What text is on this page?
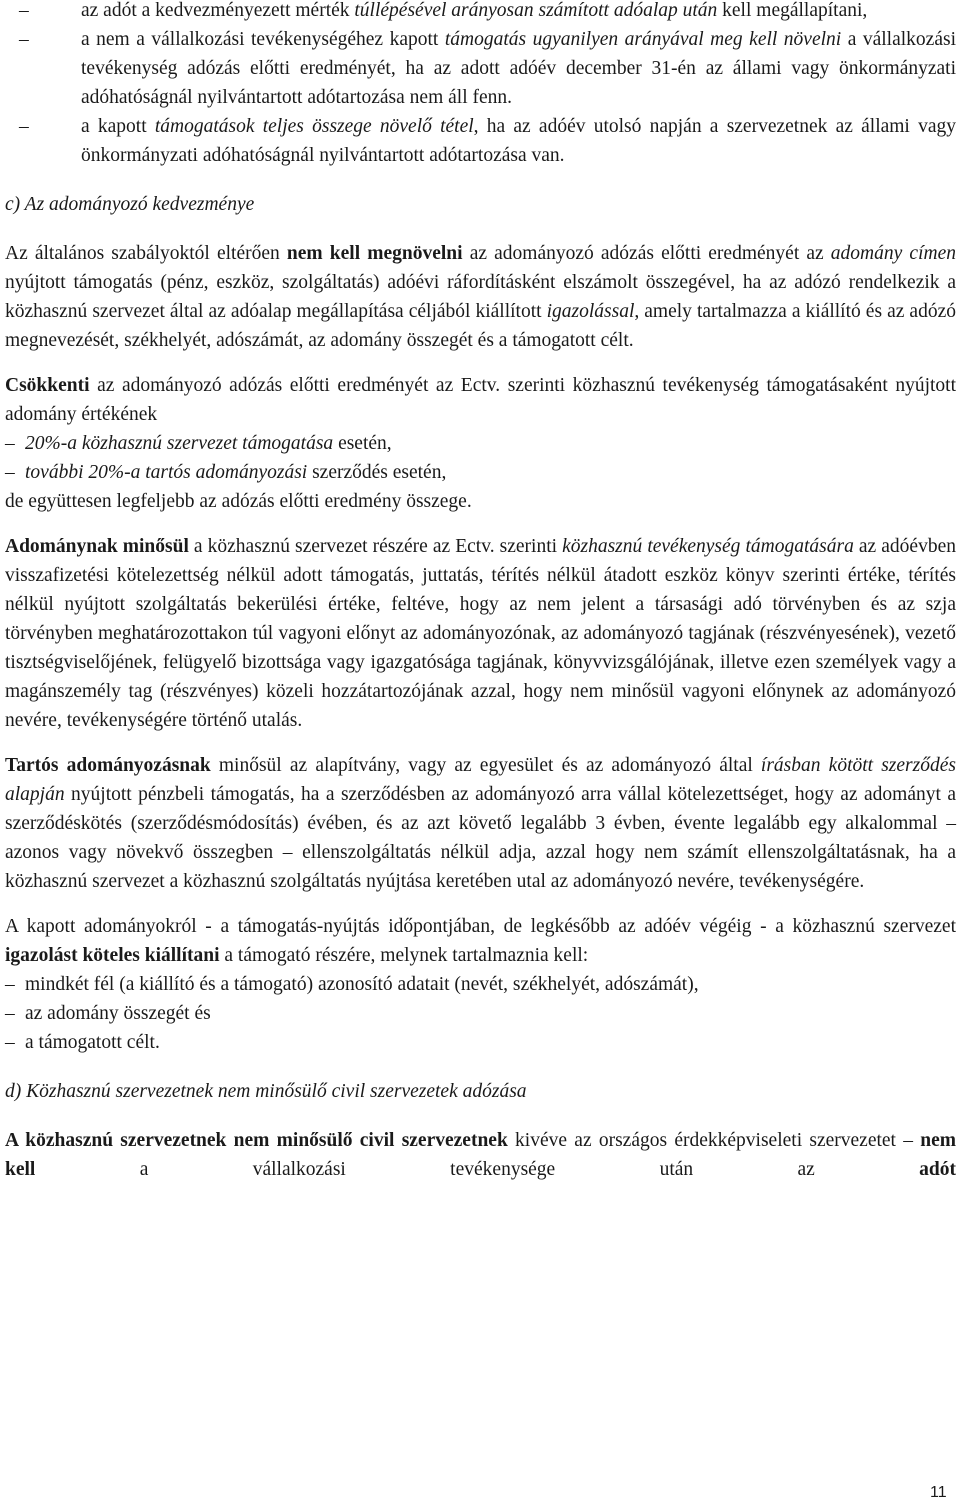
–	az adót a kedvezményezett mérték túllépésével arányosan számított adóalap után kell megállapítani,
–	a nem a vállalkozási tevékenységéhez kapott támogatás ugyanilyen arányával meg kell növelni a vállalkozási tevékenység adózás előtti eredményét, ha az adott adóév december 31-én az állami vagy önkormányzati adóhatóságnál nyilvántartott adótartozása nem áll fenn.
–	a kapott támogatások teljes összege növelő tétel, ha az adóév utolsó napján a szervezetnek az állami vagy önkormányzati adóhatóságnál nyilvántartott adótartozása van.

c) Az adományozó kedvezménye

Az általános szabályoktól eltérően nem kell megnövelni az adományozó adózás előtti eredményét az adomány címen nyújtott támogatás (pénz, eszköz, szolgáltatás) adóévi ráfordításként elszámolt összegével, ha az adózó rendelkezik a közhasznú szervezet által az adóalap megállapítása céljából kiállított igazolással, amely tartalmazza a kiállító és az adózó megnevezését, székhelyét, adószámát, az adomány összegét és a támogatott célt.

Csökkenti az adományozó adózás előtti eredményét az Ectv. szerinti közhasznú tevékenység támogatásaként nyújtott adomány értékének

– 20%-a közhasznú szervezet támogatása esetén,
– további 20%-a tartós adományozási szerződés esetén,

de együttesen legfeljebb az adózás előtti eredmény összege.

Adománynak minősül a közhasznú szervezet részére az Ectv. szerinti közhasznú tevékenység támogatására az adóévben visszafizetési kötelezettség nélkül adott támogatás, juttatás, térítés nélkül átadott eszköz könyv szerinti értéke, térítés nélkül nyújtott szolgáltatás bekerülési értéke, feltéve, hogy az nem jelent a társasági adó törvényben és az szja törvényben meghatározottakon túl vagyoni előnyt az adományozónak, az adományozó tagjának (részvényesének), vezető tisztségviselőjének, felügyelő bizottsága vagy igazgatósága tagjának, könyvvizsgálójának, illetve ezen személyek vagy a magánszemély tag (részvényes) közeli hozzátartozójának azzal, hogy nem minősül vagyoni előnynek az adományozó nevére, tevékenységére történő utalás.

Tartós adományozásnak minősül az alapítvány, vagy az egyesület és az adományozó által írásban kötött szerződés alapján nyújtott pénzbeli támogatás, ha a szerződésben az adományozó arra vállal kötelezettséget, hogy az adományt a szerződéskötés (szerződésmódosítás) évében, és az azt követő legalább 3 évben, évente legalább egy alkalommal – azonos vagy növekvő összegben – ellenszolgáltatás nélkül adja, azzal hogy nem számít ellenszolgáltatásnak, ha a közhasznú szervezet a közhasznú szolgáltatás nyújtása keretében utal az adományozó nevére, tevékenységére.

A kapott adományokról - a támogatás-nyújtás időpontjában, de legkésőbb az adóév végéig - a közhasznú szervezet igazolást köteles kiállítani a támogató részére, melynek tartalmaznia kell:

– mindkét fél (a kiállító és a támogató) azonosító adatait (nevét, székhelyét, adószámát),
– az adomány összegét és
– a támogatott célt.

d) Közhasznú szervezetnek nem minősülő civil szervezetek adózása

A közhasznú szervezetnek nem minősülő civil szervezetnek kivéve az országos érdekképviseleti szervezetet – nem kell a vállalkozási tevékenysége után az adót

11
